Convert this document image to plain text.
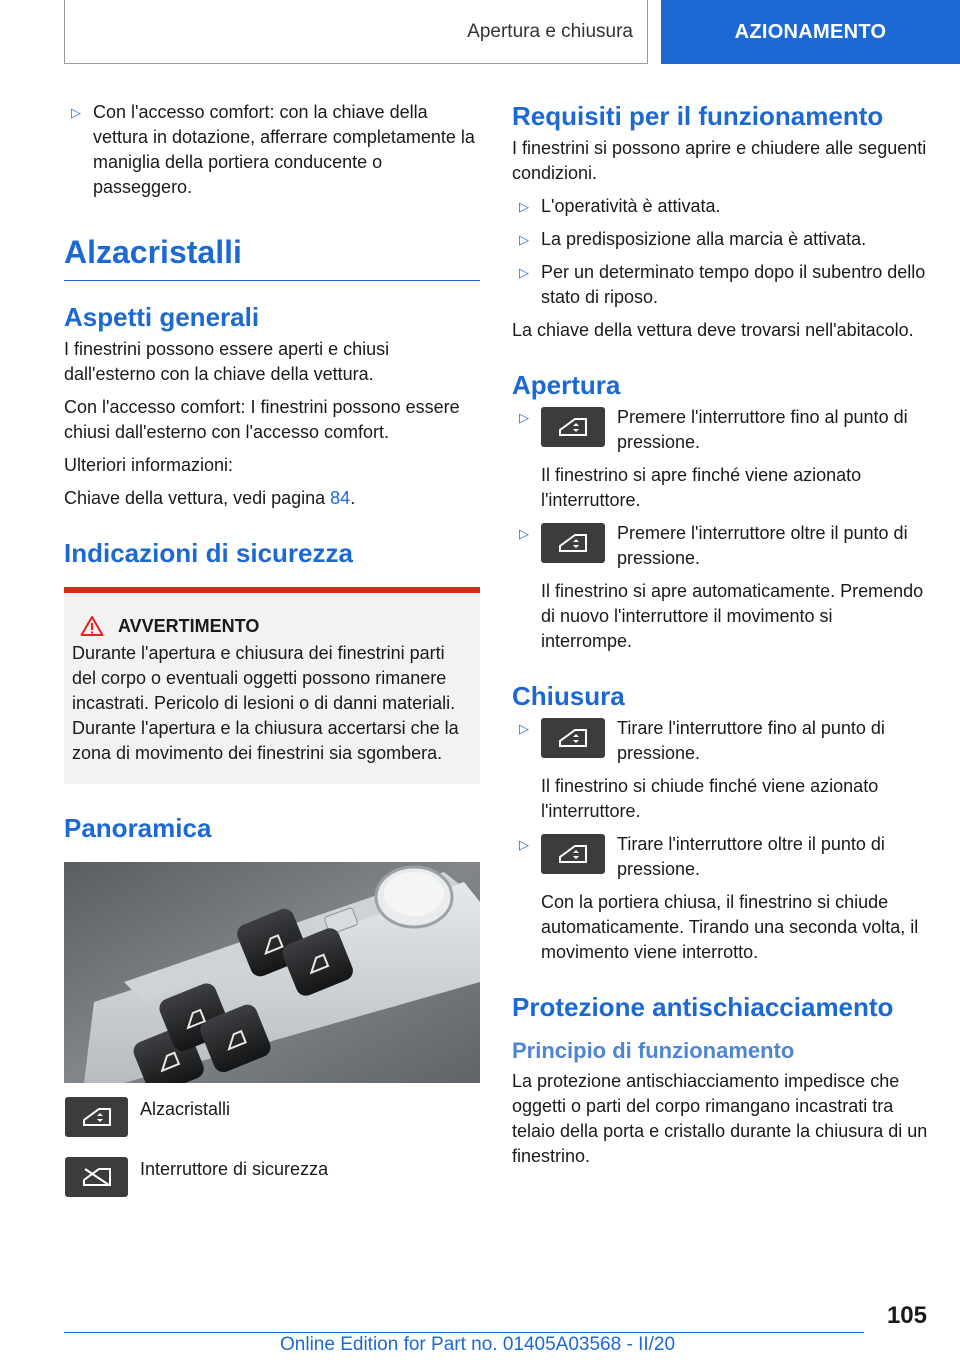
Apertura e chiusura	AZIONAMENTO
▷ Con l'accesso comfort: con la chiave della vettura in dotazione, afferrare completamente la maniglia della portiera conducente o passeggero.
Alzacristalli
Aspetti generali

I finestrini possono essere aperti e chiusi dall'esterno con la chiave della vettura.

Con l'accesso comfort: I finestrini possono essere chiusi dall'esterno con l'accesso comfort.

Ulteriori informazioni:

Chiave della vettura, vedi pagina 84.

Indicazioni di sicurezza
AVVERTIMENTO

Durante l'apertura e chiusura dei finestrini parti del corpo o eventuali oggetti possono rimanere incastrati. Pericolo di lesioni o di danni materiali. Durante l'apertura e la chiusura accertarsi che la zona di movimento dei finestrini sia sgombera.

Panoramica
Alzacristalli
Interruttore di sicurezza
Requisiti per il funzionamento

I finestrini si possono aprire e chiudere alle seguenti condizioni.

▷ L'operatività è attivata.
▷ La predisposizione alla marcia è attivata.
▷ Per un determinato tempo dopo il subentro dello stato di riposo.

La chiave della vettura deve trovarsi nell'abitacolo.

Apertura
▷	Premere l'interruttore fino al punto di pressione.

Il finestrino si apre finché viene azionato l'interruttore.

▷	Premere l'interruttore oltre il punto di pressione.

Il finestrino si apre automaticamente. Premendo di nuovo l'interruttore il movimento si interrompe.

Chiusura
▷	Tirare l'interruttore fino al punto di pressione.

Il finestrino si chiude finché viene azionato l'interruttore.

▷	Tirare l'interruttore oltre il punto di pressione.

Con la portiera chiusa, il finestrino si chiude automaticamente. Tirando una seconda volta, il movimento viene interrotto.

Protezione antischiacciamento
Principio di funzionamento

La protezione antischiacciamento impedisce che oggetti o parti del corpo rimangano incastrati tra telaio della porta e cristallo durante la chiusura di un finestrino.

105
Online Edition for Part no. 01405A03568 - II/20
